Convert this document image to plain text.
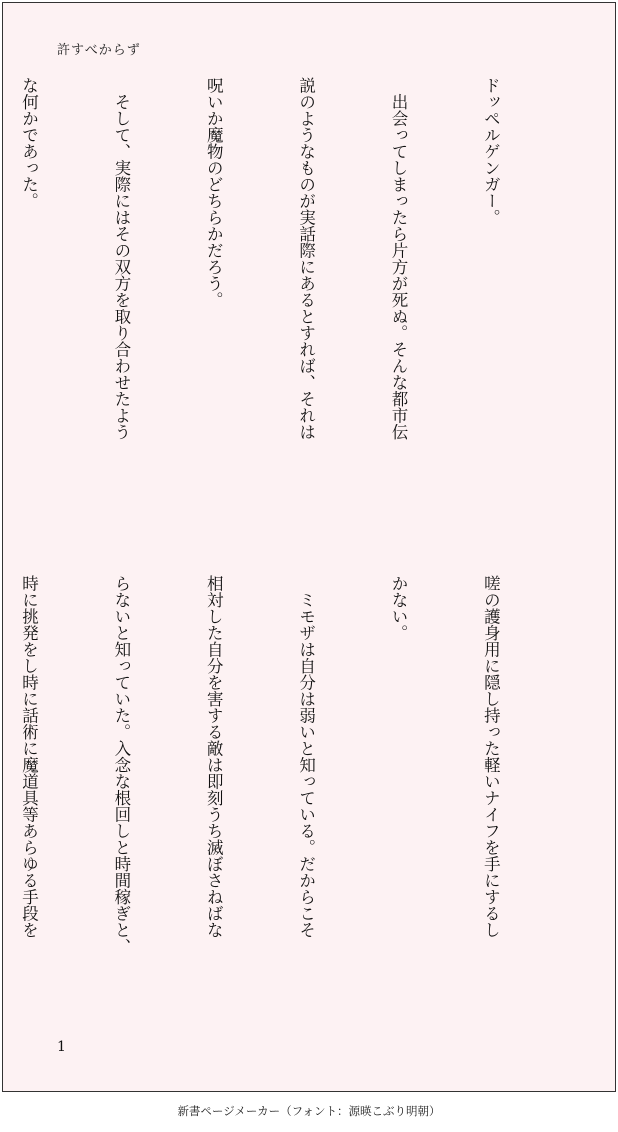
許すべからず

ドッペルゲンガー。

　出会ってしまったら片方が死ぬ。そんな都市伝

説のようなものが実話際にあるとすれば、それは

呪いか魔物のどちらかだろう。

　そして、実際にはその双方を取り合わせたよう

な何かであった。

嗟の護身用に隠し持った軽いナイフを手にするし

かない。

　ミモザは自分は弱いと知っている。だからこそ

相対した自分を害する敵は即刻うち滅ぼさねばな

らないと知っていた。入念な根回しと時間稼ぎと、

時に挑発をし時に話術に魔道具等あらゆる手段を

1
新書ページメーカー（フォント：源暎こぶり明朝）
